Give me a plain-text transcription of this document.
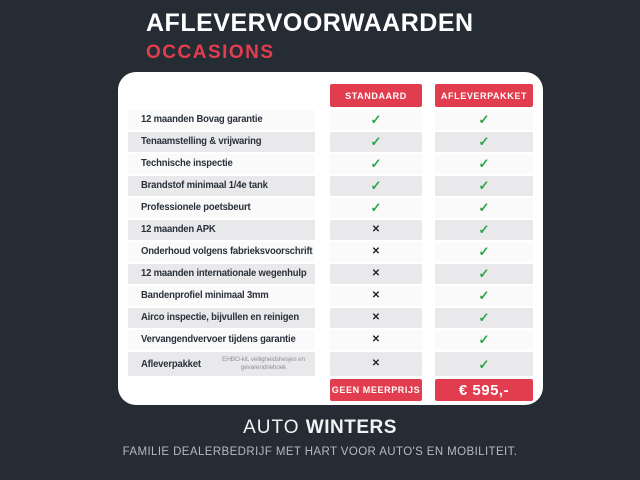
AFLEVERVOORWAARDEN
OCCASIONS
STANDAARD	AFLEVERPAKKET
12 maanden Bovag garantie	✓	✓
Tenaamstelling & vrijwaring	✓	✓
Technische inspectie	✓	✓
Brandstof minimaal 1/4e tank	✓	✓
Professionele poetsbeurt	✓	✓
12 maanden APK	✕	✓
Onderhoud volgens fabrieksvoorschrift	✕	✓
12 maanden internationale wegenhulp	✕	✓
Bandenprofiel minimaal 3mm	✕	✓
Airco inspectie, bijvullen en reinigen	✕	✓
Vervangendvervoer tijdens garantie	✕	✓
Afleverpakket	EHBO-kit, veiligheidshesjes en gevarendriehoek	✕	✓
GEEN MEERPRIJS	€ 595,-
AUTO WINTERS
FAMILIE DEALERBEDRIJF MET HART VOOR AUTO'S EN MOBILITEIT.
